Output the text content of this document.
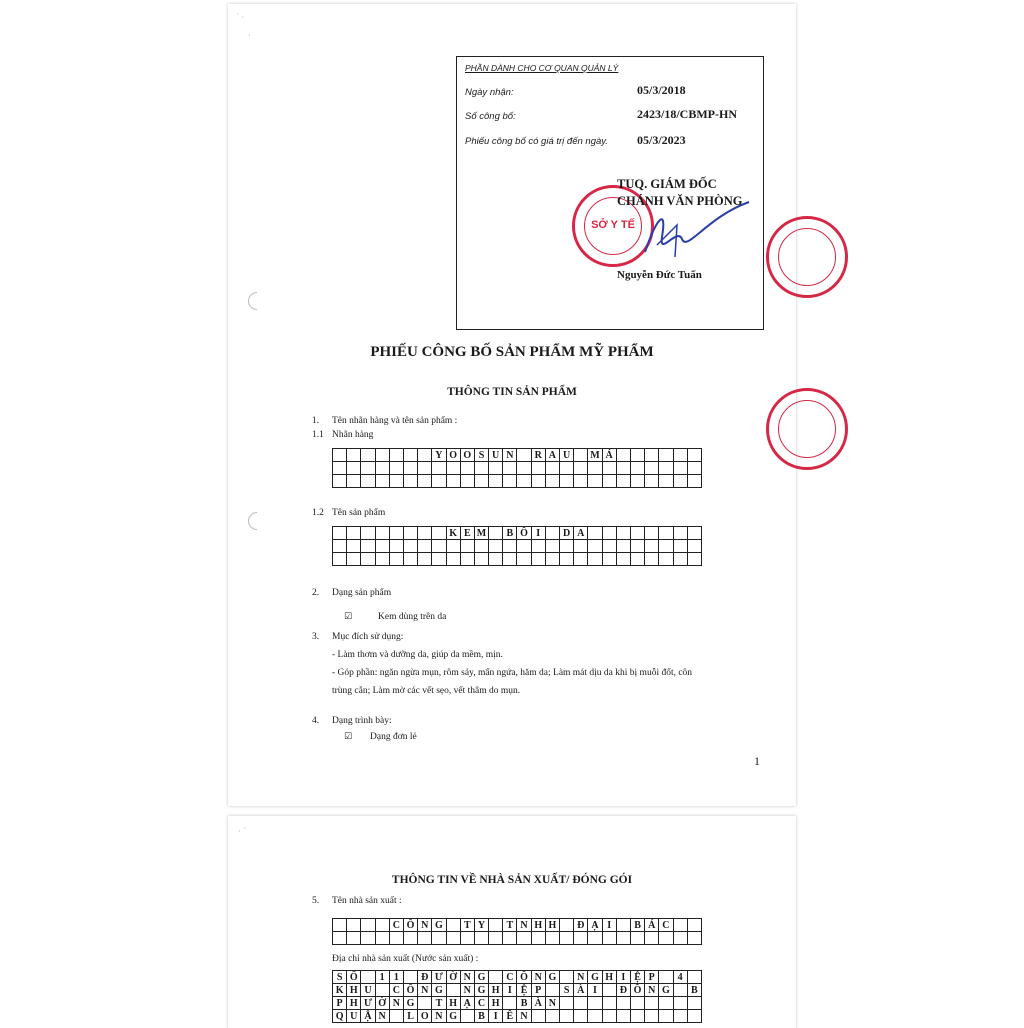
˙ ·
·
PHẦN DÀNH CHO CƠ QUAN QUẢN LÝ
Ngày nhận:	05/3/2018
Số công bố:	2423/18/CBMP-HN
Phiếu công bố có giá trị đến ngày. 05/3/2023
SỞ Y TẾ
TUQ. GIÁM ĐỐC
CHÁNH VĂN PHÒNG
Nguyễn Đức Tuấn
PHIẾU CÔNG BỐ SẢN PHẨM MỸ PHẨM
THÔNG TIN SẢN PHẨM
1. Tên nhãn hàng và tên sản phẩm :
1.1 Nhãn hàng
Y O O S U N	R A U	M Á
1.2 Tên sản phẩm
K E M	B Ô I	D A
2. Dạng sản phẩm
☑	Kem dùng trên da
3. Mục đích sử dụng:
- Làm thơm và dưỡng da, giúp da mềm, mịn.
- Góp phần: ngăn ngừa mụn, rôm sảy, mẩn ngứa, hăm da; Làm mát dịu da khi bị muỗi đốt, côn
trùng cắn; Làm mờ các vết sẹo, vết thâm do mụn.
4. Dạng trình bày:
☑ Dạng đơn lẻ
1
· ˙
THÔNG TIN VỀ NHÀ SẢN XUẤT/ ĐÓNG GÓI
5. Tên nhà sản xuất :
C Ô N G	T Y	T N H H	Đ Ạ I	B Á C
Địa chỉ nhà sản xuất (Nước sản xuất) :
S Ố	1 1	Đ Ư Ờ N G	C Ô N G	N G H I Ệ P	4
K H U	C Ô N G	N G H I Ệ P	S À I	Đ Ồ N G	B
P H Ư Ờ N G	T H Ạ C H	B À N
Q U Ậ N	L O N G	B I Ê N
